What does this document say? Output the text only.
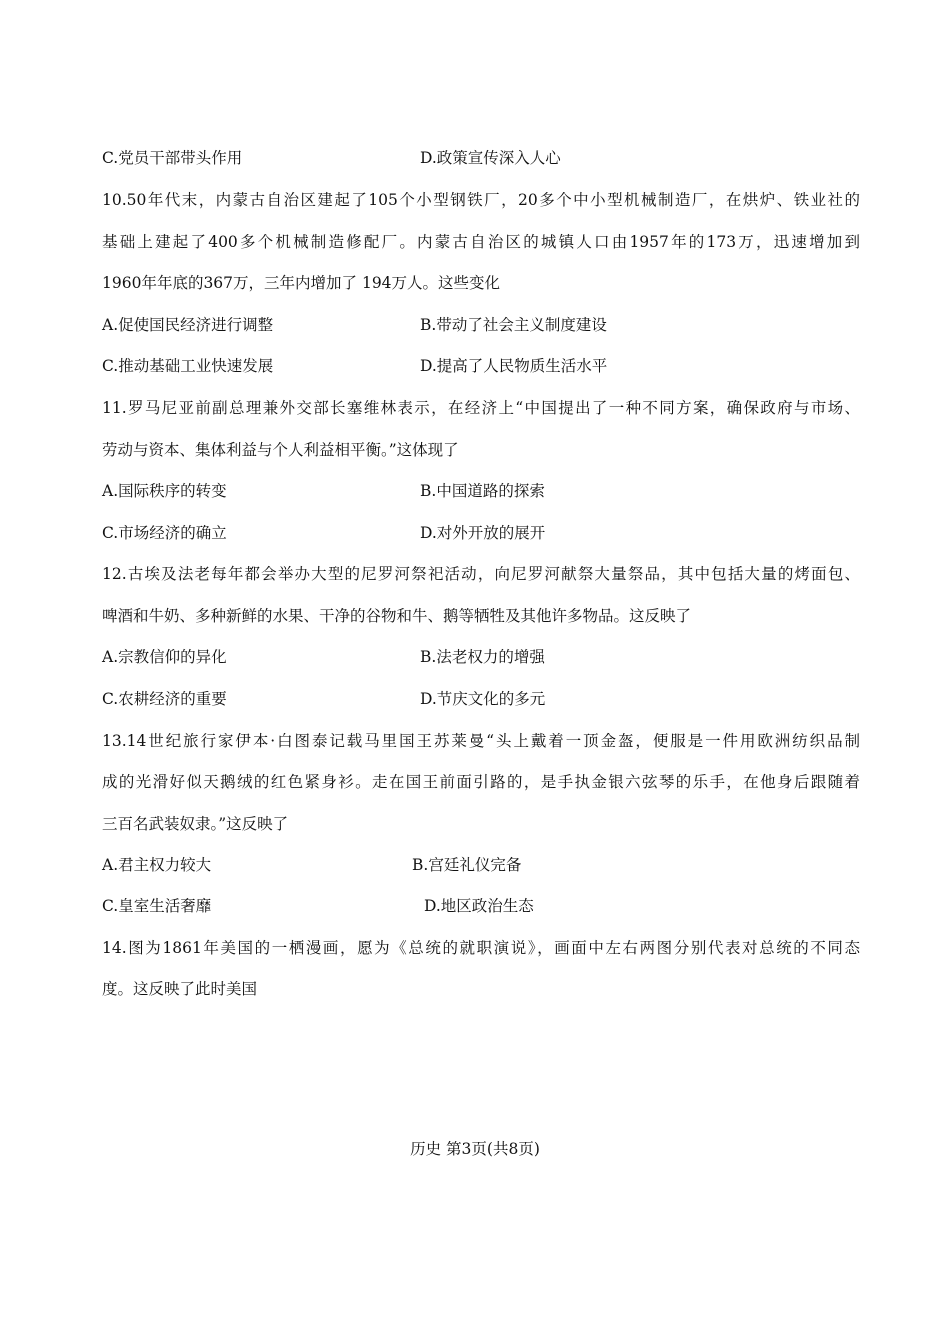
C.党员干部带头作用	D.政策宣传深入人心
10.50年代末，内蒙古自治区建起了105个小型钢铁厂，20多个中小型机械制造厂，在烘炉、铁业社的
基础上建起了400多个机械制造修配厂。内蒙古自治区的城镇人口由1957年的173万，迅速增加到
1960年年底的367万，三年内增加了 194万人。这些变化
A.促使国民经济进行调整	B.带动了社会主义制度建设
C.推动基础工业快速发展	D.提高了人民物质生活水平
11.罗马尼亚前副总理兼外交部长塞维林表示，在经济上“中国提出了一种不同方案，确保政府与市场、
劳动与资本、集体利益与个人利益相平衡。”这体现了
A.国际秩序的转变	B.中国道路的探索
C.市场经济的确立	D.对外开放的展开
12.古埃及法老每年都会举办大型的尼罗河祭祀活动，向尼罗河献祭大量祭品，其中包括大量的烤面包、
啤酒和牛奶、多种新鲜的水果、干净的谷物和牛、鹅等牺牲及其他许多物品。这反映了
A.宗教信仰的异化	B.法老权力的增强
C.农耕经济的重要	D.节庆文化的多元
13.14世纪旅行家伊本·白图泰记载马里国王苏莱曼“头上戴着一顶金盔，便服是一件用欧洲纺织品制
成的光滑好似天鹅绒的红色紧身衫。走在国王前面引路的，是手执金银六弦琴的乐手，在他身后跟随着
三百名武装奴隶。”这反映了
A.君主权力较大	B.宫廷礼仪完备
C.皇室生活奢靡	D.地区政治生态
14.图为1861年美国的一栖漫画，愿为《总统的就职演说》，画面中左右两图分别代表对总统的不同态
度。这反映了此时美国
历史 第3页(共8页)
